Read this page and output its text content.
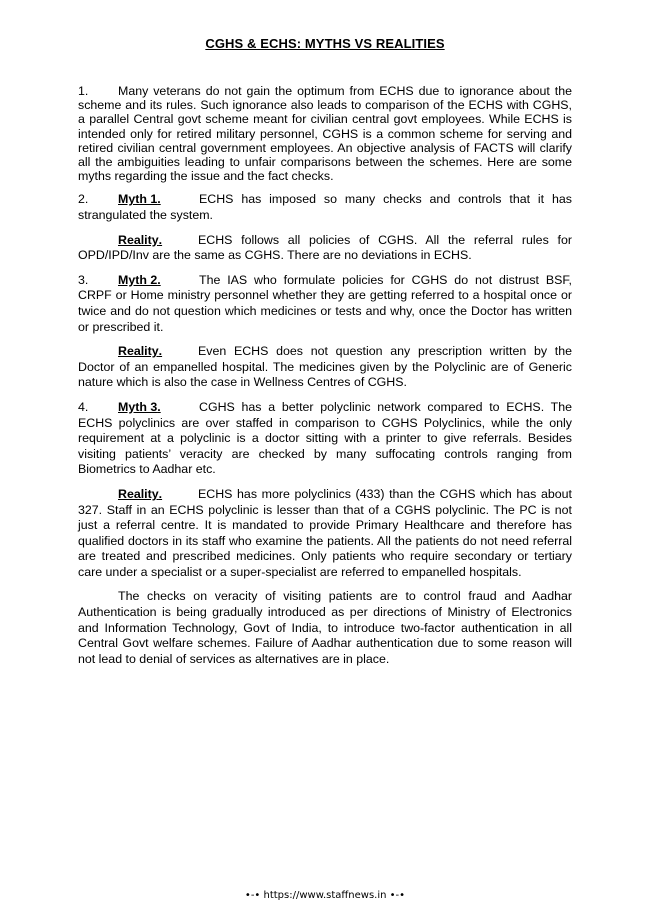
CGHS & ECHS: MYTHS VS REALITIES

1. Many veterans do not gain the optimum from ECHS due to ignorance about the scheme and its rules. Such ignorance also leads to comparison of the ECHS with CGHS, a parallel Central govt scheme meant for civilian central govt employees. While ECHS is intended only for retired military personnel, CGHS is a common scheme for serving and retired civilian central government employees. An objective analysis of FACTS will clarify all the ambiguities leading to unfair comparisons between the schemes. Here are some myths regarding the issue and the fact checks.

2. Myth 1.	ECHS has imposed so many checks and controls that it has strangulated the system.

Reality.	ECHS follows all policies of CGHS. All the referral rules for OPD/IPD/Inv are the same as CGHS. There are no deviations in ECHS.

3. Myth 2.	The IAS who formulate policies for CGHS do not distrust BSF, CRPF or Home ministry personnel whether they are getting referred to a hospital once or twice and do not question which medicines or tests and why, once the Doctor has written or prescribed it.

Reality.	Even ECHS does not question any prescription written by the Doctor of an empanelled hospital. The medicines given by the Polyclinic are of Generic nature which is also the case in Wellness Centres of CGHS.

4. Myth 3.	CGHS has a better polyclinic network compared to ECHS. The ECHS polyclinics are over staffed in comparison to CGHS Polyclinics, while the only requirement at a polyclinic is a doctor sitting with a printer to give referrals. Besides visiting patients’ veracity are checked by many suffocating controls ranging from Biometrics to Aadhar etc.

Reality.	ECHS has more polyclinics (433) than the CGHS which has about 327. Staff in an ECHS polyclinic is lesser than that of a CGHS polyclinic. The PC is not just a referral centre. It is mandated to provide Primary Healthcare and therefore has qualified doctors in its staff who examine the patients. All the patients do not need referral are treated and prescribed medicines. Only patients who require secondary or tertiary care under a specialist or a super-specialist are referred to empanelled hospitals.

The checks on veracity of visiting patients are to control fraud and Aadhar Authentication is being gradually introduced as per directions of Ministry of Electronics and Information Technology, Govt of India, to introduce two-factor authentication in all Central Govt welfare schemes. Failure of Aadhar authentication due to some reason will not lead to denial of services as alternatives are in place.

•-• https://www.staffnews.in •-•
